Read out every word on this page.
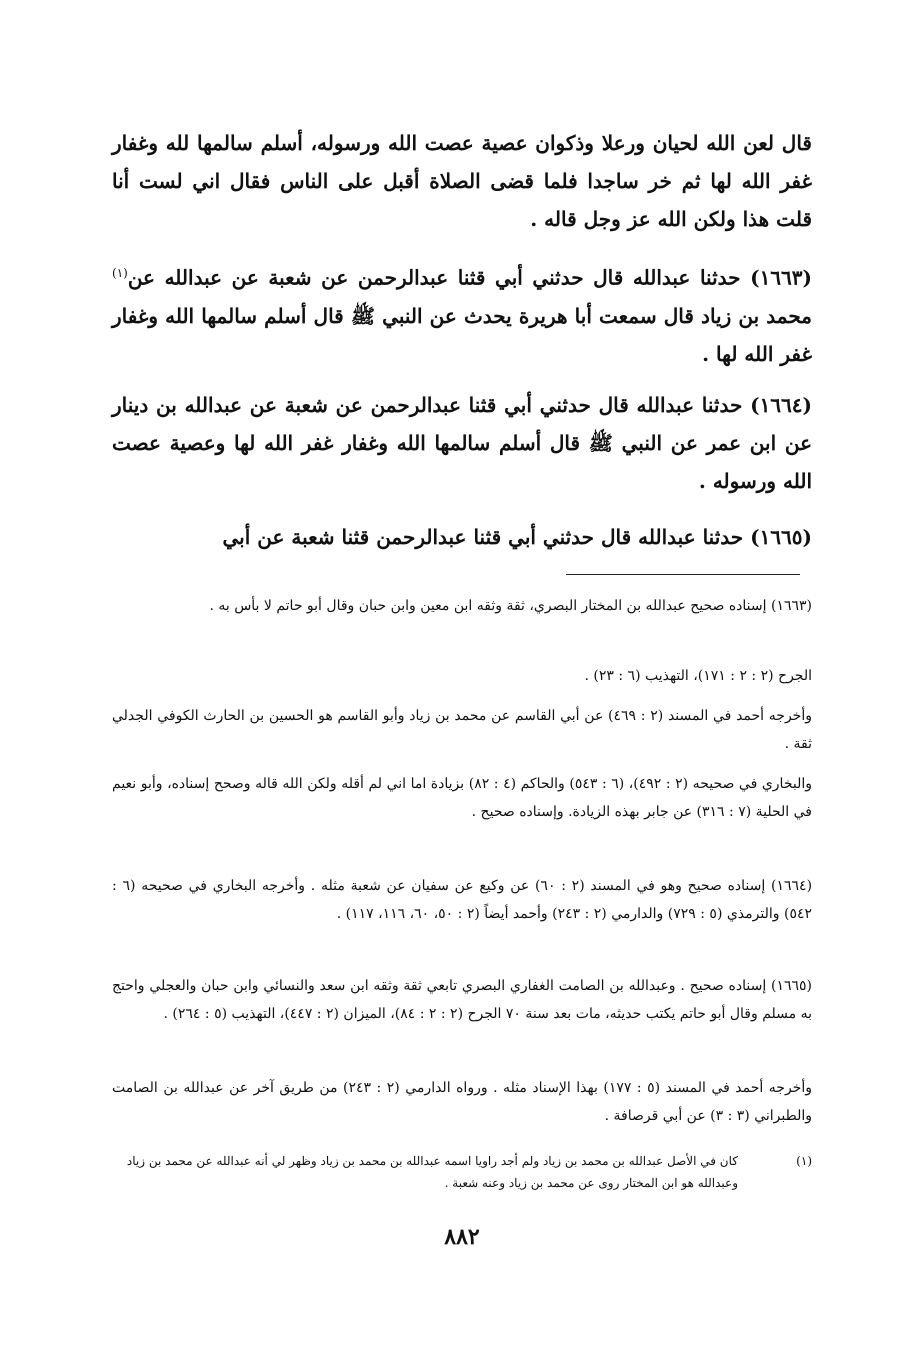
قال لعن الله لحيان ورعلا وذكوان عصية عصت الله ورسوله، أسلم سالمها لله وغفار غفر الله لها ثم خر ساجدا فلما قضى الصلاة أقبل على الناس فقال اني لست أنا قلت هذا ولكن الله عز وجل قاله .

(١٦٦٣) حدثنا عبدالله قال حدثني أبي قثنا عبدالرحمن عن شعبة عن عبدالله عن$^{(١)}$ محمد بن زياد قال سمعت أبا هريرة يحدث عن النبي ﷺ قال أسلم سالمها الله وغفار غفر الله لها .

(١٦٦٤) حدثنا عبدالله قال حدثني أبي قثنا عبدالرحمن عن شعبة عن عبدالله بن دينار عن ابن عمر عن النبي ﷺ قال أسلم سالمها الله وغفار غفر الله لها وعصية عصت الله ورسوله .

(١٦٦٥) حدثنا عبدالله قال حدثني أبي قثنا عبدالرحمن قثنا شعبة عن أبي

(١٦٦٣) إسناده صحيح عبدالله بن المختار البصري، ثقة وثقه ابن معين وابن حبان وقال أبو حاتم لا بأس به .

الجرح (٢ : ٢ : ١٧١)، التهذيب (٦ : ٢٣) .

وأخرجه أحمد في المسند (٢ : ٤٦٩) عن أبي القاسم عن محمد بن زياد وأبو القاسم هو الحسين بن الحارث الكوفي الجدلي ثقة .

والبخاري في صحيحه (٢ : ٤٩٢)، (٦ : ٥٤٣) والحاكم (٤ : ٨٢) بزيادة اما اني لم أقله ولكن الله قاله وصحح إسناده، وأبو نعيم في الحلية (٧ : ٣١٦) عن جابر بهذه الزيادة. وإسناده صحيح .

(١٦٦٤) إسناده صحيح وهو في المسند (٢ : ٦٠) عن وكيع عن سفيان عن شعبة مثله . وأخرجه البخاري في صحيحه (٦ : ٥٤٢) والترمذي (٥ : ٧٢٩) والدارمي (٢ : ٢٤٣) وأحمد أيضاً (٢ : ٥٠، ٦٠، ١١٦، ١١٧) .

(١٦٦٥) إسناده صحيح . وعبدالله بن الصامت الغفاري البصري تابعي ثقة وثقه ابن سعد والنسائي وابن حبان والعجلي واحتج به مسلم وقال أبو حاتم يكتب حديثه، مات بعد سنة ٧٠ الجرح (٢ : ٢ : ٨٤)، الميزان (٢ : ٤٤٧)، التهذيب (٥ : ٢٦٤) .

وأخرجه أحمد في المسند (٥ : ١٧٧) بهذا الإسناد مثله . ورواه الدارمي (٢ : ٢٤٣) من طريق آخر عن عبدالله بن الصامت والطبراني (٣ : ٣) عن أبي قرصافة .

(١)
كان في الأصل عبدالله بن محمد بن زياد ولم أجد راويا اسمه عبدالله بن محمد بن زياد وظهر لي أنه عبدالله عن محمد بن زياد وعبدالله هو ابن المختار روى عن محمد بن زياد وعنه شعبة .
٨٨٢
